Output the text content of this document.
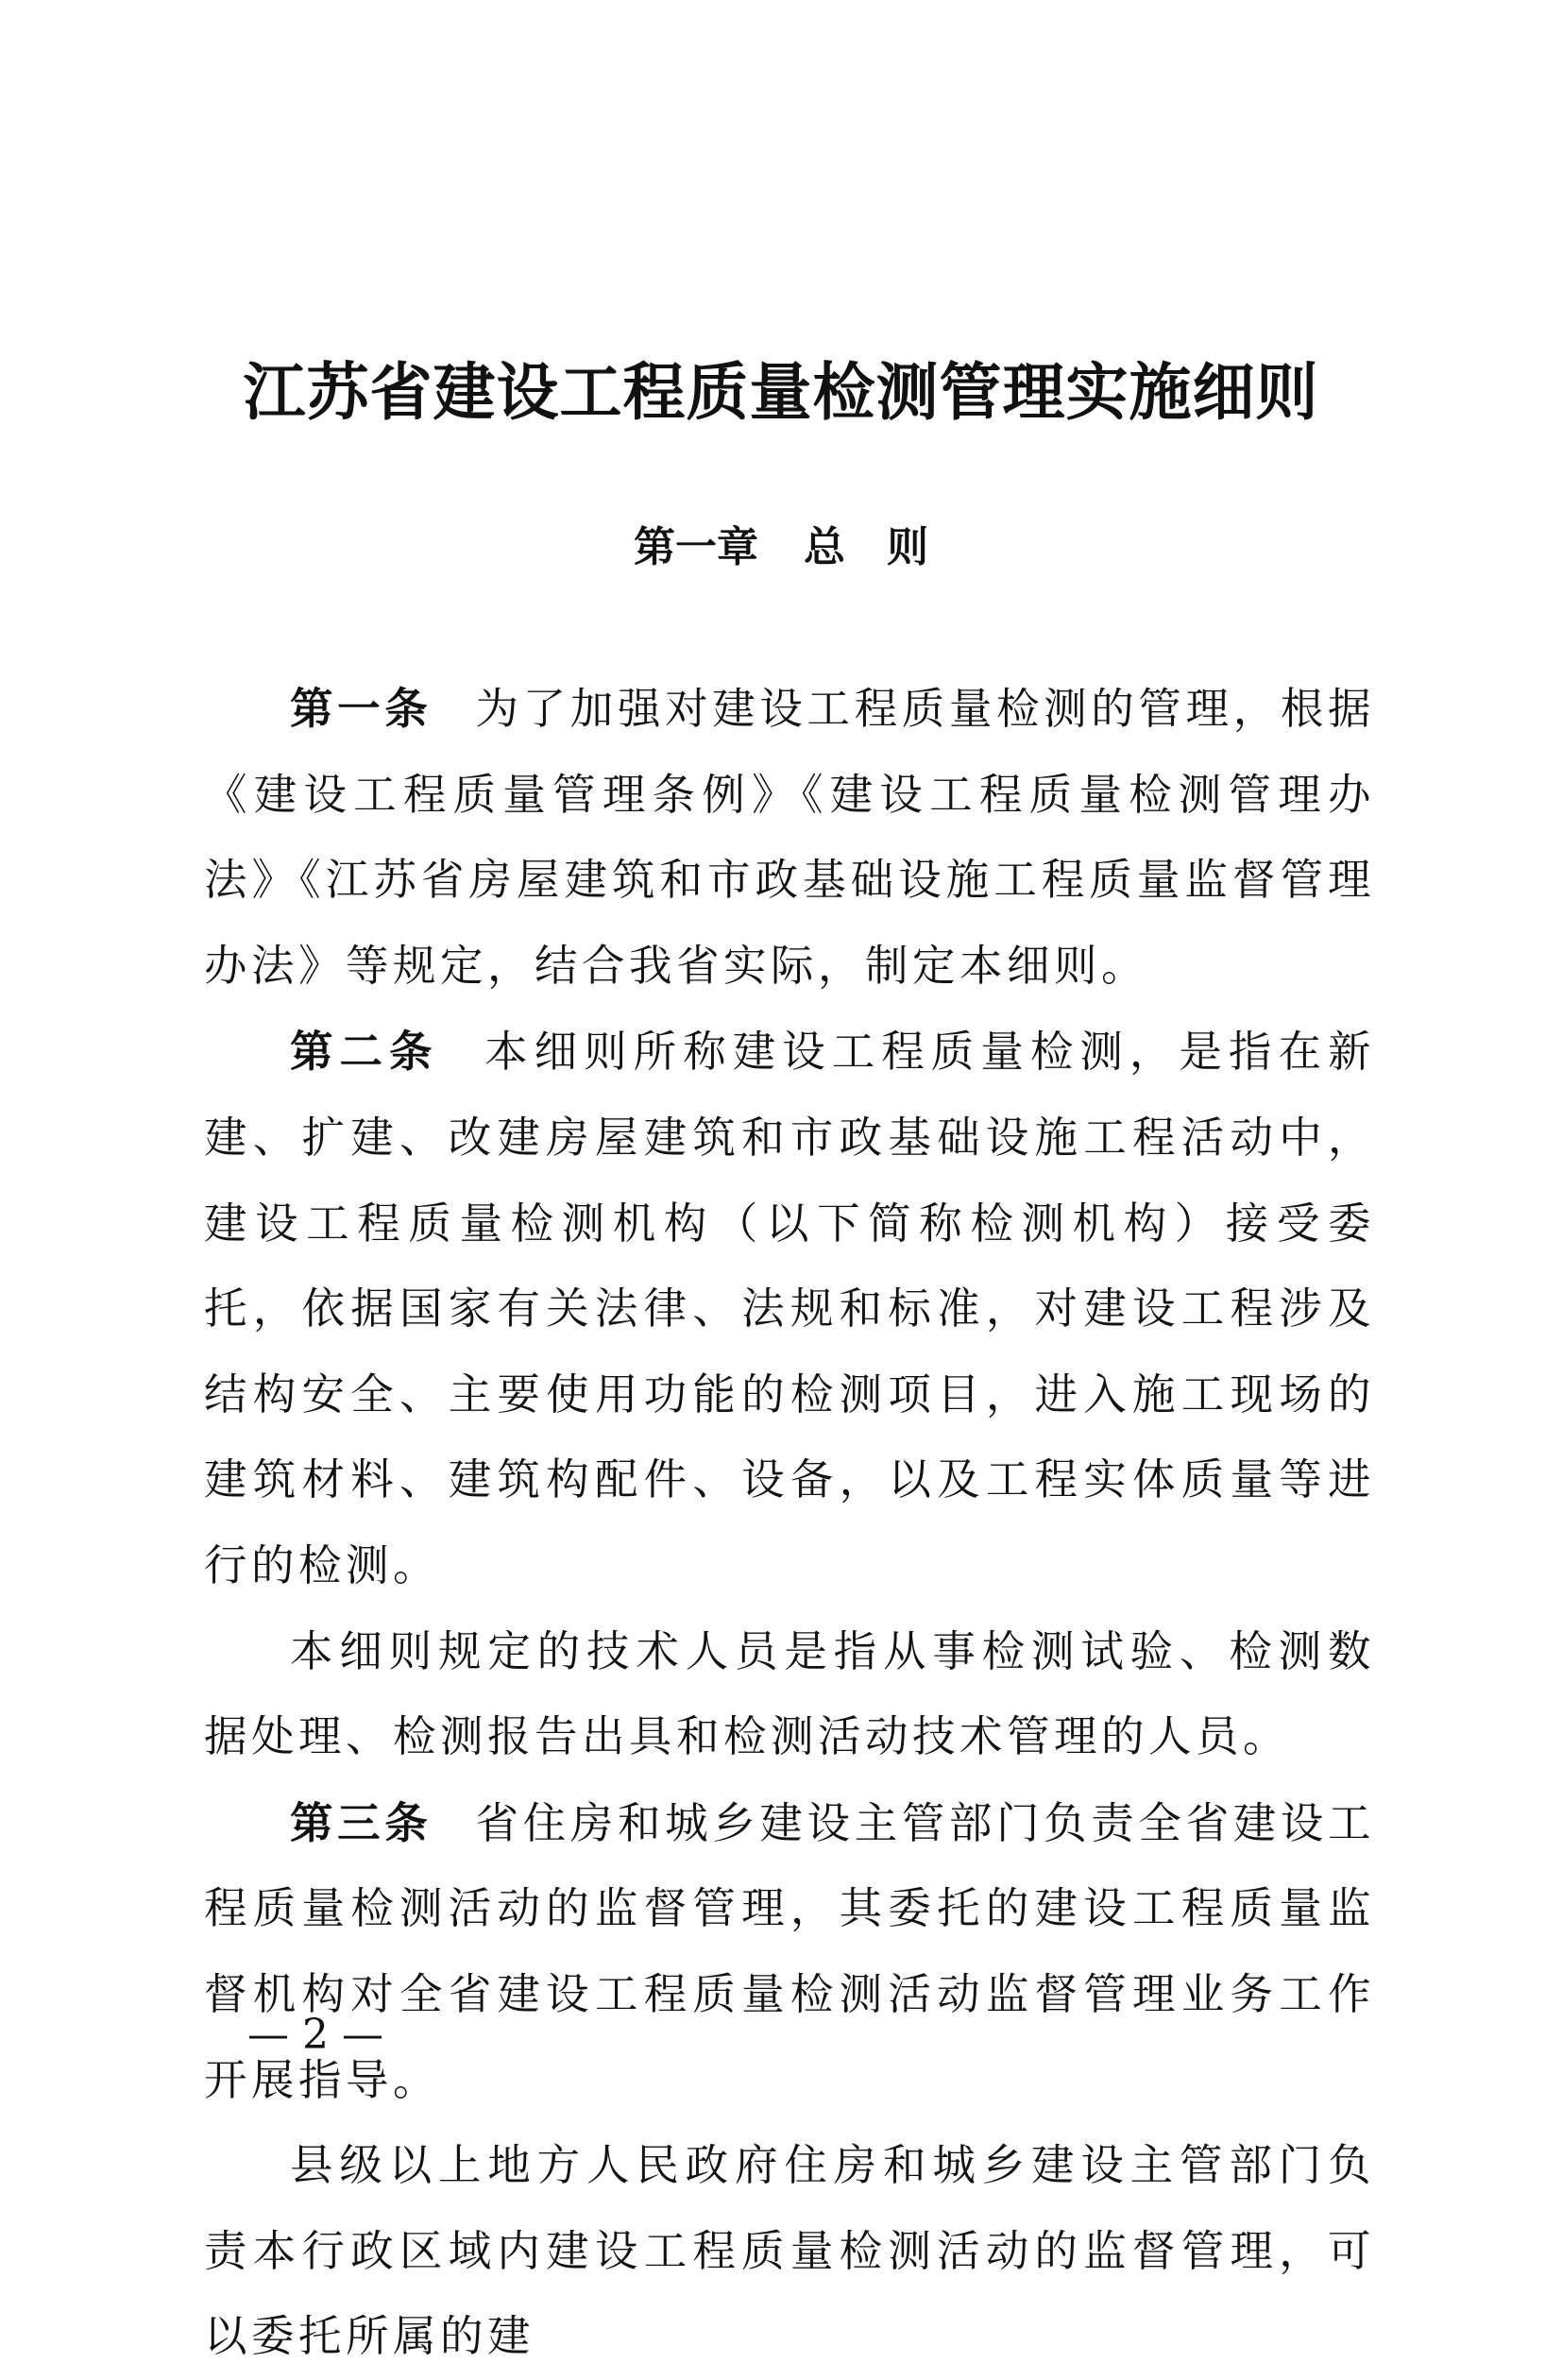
江苏省建设工程质量检测管理实施细则
第一章 总　则

第一条 为了加强对建设工程质量检测的管理，根据《建设工程质量管理条例》《建设工程质量检测管理办法》《江苏省房屋建筑和市政基础设施工程质量监督管理办法》等规定，结合我省实际，制定本细则。

第二条 本细则所称建设工程质量检测，是指在新建、扩建、改建房屋建筑和市政基础设施工程活动中，建设工程质量检测机构（以下简称检测机构）接受委托，依据国家有关法律、法规和标准，对建设工程涉及结构安全、主要使用功能的检测项目，进入施工现场的建筑材料、建筑构配件、设备，以及工程实体质量等进行的检测。

本细则规定的技术人员是指从事检测试验、检测数据处理、检测报告出具和检测活动技术管理的人员。

第三条 省住房和城乡建设主管部门负责全省建设工程质量检测活动的监督管理，其委托的建设工程质量监督机构对全省建设工程质量检测活动监督管理业务工作开展指导。

县级以上地方人民政府住房和城乡建设主管部门负责本行政区域内建设工程质量检测活动的监督管理，可以委托所属的建

— 2 —
